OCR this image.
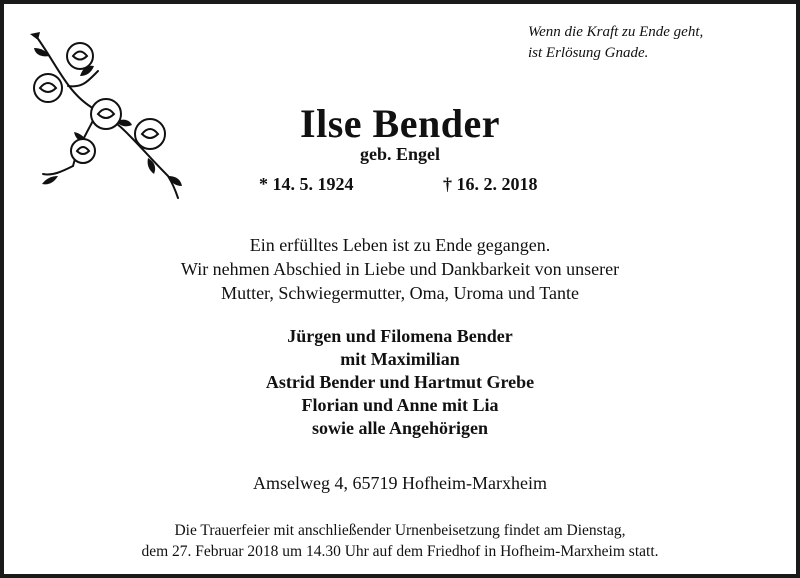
Wenn die Kraft zu Ende geht,
ist Erlösung Gnade.
Ilse Bender
geb. Engel
* 14. 5. 1924	† 16. 2. 2018
Ein erfülltes Leben ist zu Ende gegangen.
Wir nehmen Abschied in Liebe und Dankbarkeit von unserer
Mutter, Schwiegermutter, Oma, Uroma und Tante
Jürgen und Filomena Bender
mit Maximilian
Astrid Bender und Hartmut Grebe
Florian und Anne mit Lia
sowie alle Angehörigen
Amselweg 4, 65719 Hofheim-Marxheim
Die Trauerfeier mit anschließender Urnenbeisetzung findet am Dienstag,
dem 27. Februar 2018 um 14.30 Uhr auf dem Friedhof in Hofheim-Marxheim statt.
